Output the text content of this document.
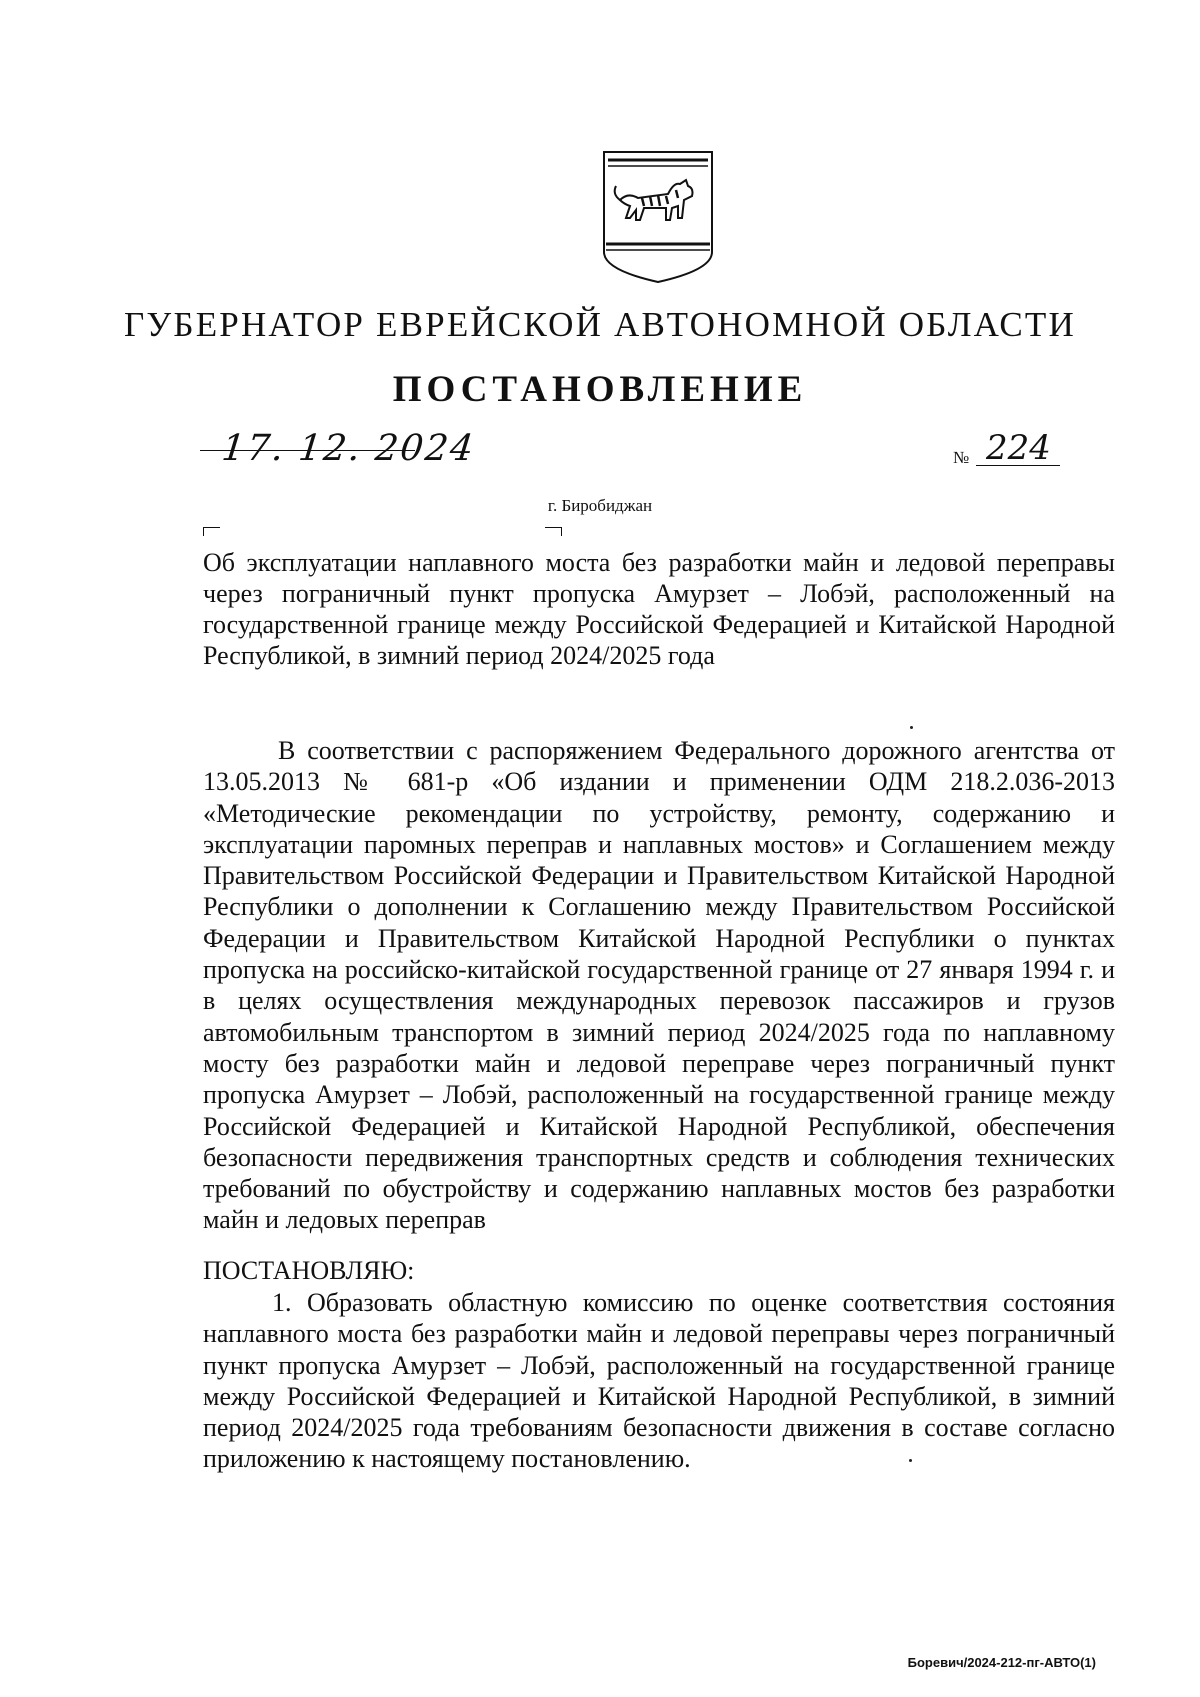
ГУБЕРНАТОР ЕВРЕЙСКОЙ АВТОНОМНОЙ ОБЛАСТИ
ПОСТАНОВЛЕНИЕ
17. 12. 2024	№ 224
г. Биробиджан
Об эксплуатации наплавного моста без разработки майн и ледовой переправы через пограничный пункт пропуска Амурзет – Лобэй, расположенный на государственной границе между Российской Федерацией и Китайской Народной Республикой, в зимний период 2024/2025 года
В соответствии с распоряжением Федерального дорожного агентства от 13.05.2013 № 681-р «Об издании и применении ОДМ 218.2.036-2013 «Методические рекомендации по устройству, ремонту, содержанию и эксплуатации паромных переправ и наплавных мостов» и Соглашением между Правительством Российской Федерации и Правительством Китайской Народной Республики о дополнении к Соглашению между Правительством Российской Федерации и Правительством Китайской Народной Республики о пунктах пропуска на российско-китайской государственной границе от 27 января 1994 г. и в целях осуществления международных перевозок пассажиров и грузов автомобильным транспортом в зимний период 2024/2025 года по наплавному мосту без разработки майн и ледовой переправе через пограничный пункт пропуска Амурзет – Лобэй, расположенный на государственной границе между Российской Федерацией и Китайской Народной Республикой, обеспечения безопасности передвижения транспортных средств и соблюдения технических требований по обустройству и содержанию наплавных мостов без разработки майн и ледовых переправ
ПОСТАНОВЛЯЮ:
1. Образовать областную комиссию по оценке соответствия состояния наплавного моста без разработки майн и ледовой переправы через пограничный пункт пропуска Амурзет – Лобэй, расположенный на государственной границе между Российской Федерацией и Китайской Народной Республикой, в зимний период 2024/2025 года требованиям безопасности движения в составе согласно приложению к настоящему постановлению.
Боревич/2024-212-пг-АВТО(1)
